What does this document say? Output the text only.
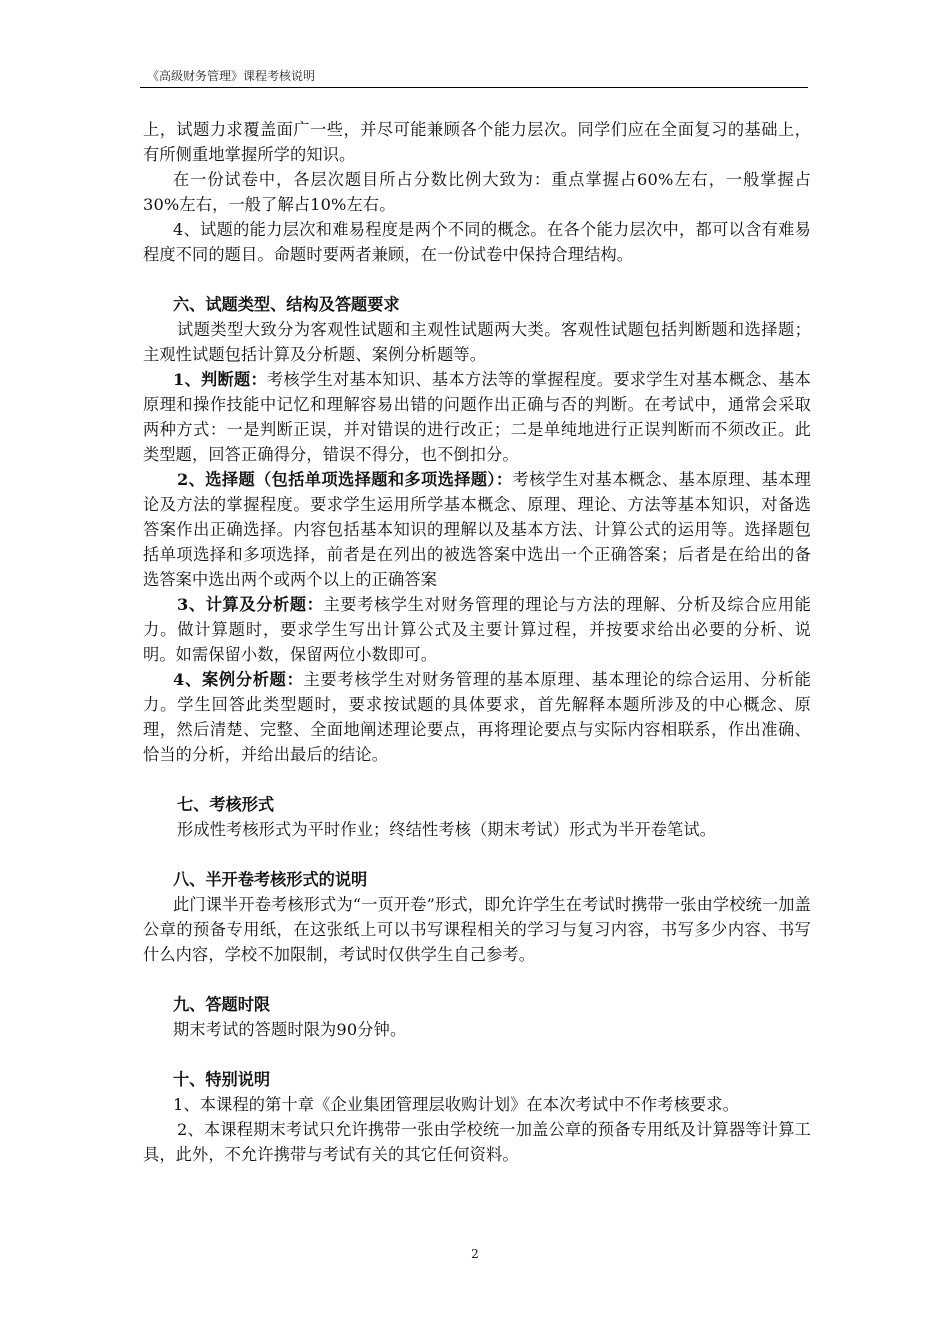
《高级财务管理》课程考核说明

上，试题力求覆盖面广一些，并尽可能兼顾各个能力层次。同学们应在全面复习的基础上，有所侧重地掌握所学的知识。

在一份试卷中，各层次题目所占分数比例大致为：重点掌握占60%左右，一般掌握占30%左右，一般了解占10%左右。

4、试题的能力层次和难易程度是两个不同的概念。在各个能力层次中，都可以含有难易程度不同的题目。命题时要两者兼顾，在一份试卷中保持合理结构。

六、试题类型、结构及答题要求

试题类型大致分为客观性试题和主观性试题两大类。客观性试题包括判断题和选择题；主观性试题包括计算及分析题、案例分析题等。

1、判断题：考核学生对基本知识、基本方法等的掌握程度。要求学生对基本概念、基本原理和操作技能中记忆和理解容易出错的问题作出正确与否的判断。在考试中，通常会采取两种方式：一是判断正误，并对错误的进行改正；二是单纯地进行正误判断而不须改正。此类型题，回答正确得分，错误不得分，也不倒扣分。

2、选择题（包括单项选择题和多项选择题）：考核学生对基本概念、基本原理、基本理论及方法的掌握程度。要求学生运用所学基本概念、原理、理论、方法等基本知识，对备选答案作出正确选择。内容包括基本知识的理解以及基本方法、计算公式的运用等。选择题包括单项选择和多项选择，前者是在列出的被选答案中选出一个正确答案；后者是在给出的备选答案中选出两个或两个以上的正确答案

3、计算及分析题：主要考核学生对财务管理的理论与方法的理解、分析及综合应用能力。做计算题时，要求学生写出计算公式及主要计算过程，并按要求给出必要的分析、说明。如需保留小数，保留两位小数即可。

4、案例分析题：主要考核学生对财务管理的基本原理、基本理论的综合运用、分析能力。学生回答此类型题时，要求按试题的具体要求，首先解释本题所涉及的中心概念、原理，然后清楚、完整、全面地阐述理论要点，再将理论要点与实际内容相联系，作出准确、恰当的分析，并给出最后的结论。

七、考核形式

形成性考核形式为平时作业；终结性考核（期末考试）形式为半开卷笔试。

八、半开卷考核形式的说明

此门课半开卷考核形式为“一页开卷”形式，即允许学生在考试时携带一张由学校统一加盖公章的预备专用纸，在这张纸上可以书写课程相关的学习与复习内容，书写多少内容、书写什么内容，学校不加限制，考试时仅供学生自己参考。

九、答题时限

期末考试的答题时限为90分钟。

十、特别说明

1、本课程的第十章《企业集团管理层收购计划》在本次考试中不作考核要求。

2、本课程期末考试只允许携带一张由学校统一加盖公章的预备专用纸及计算器等计算工具，此外，不允许携带与考试有关的其它任何资料。

2
